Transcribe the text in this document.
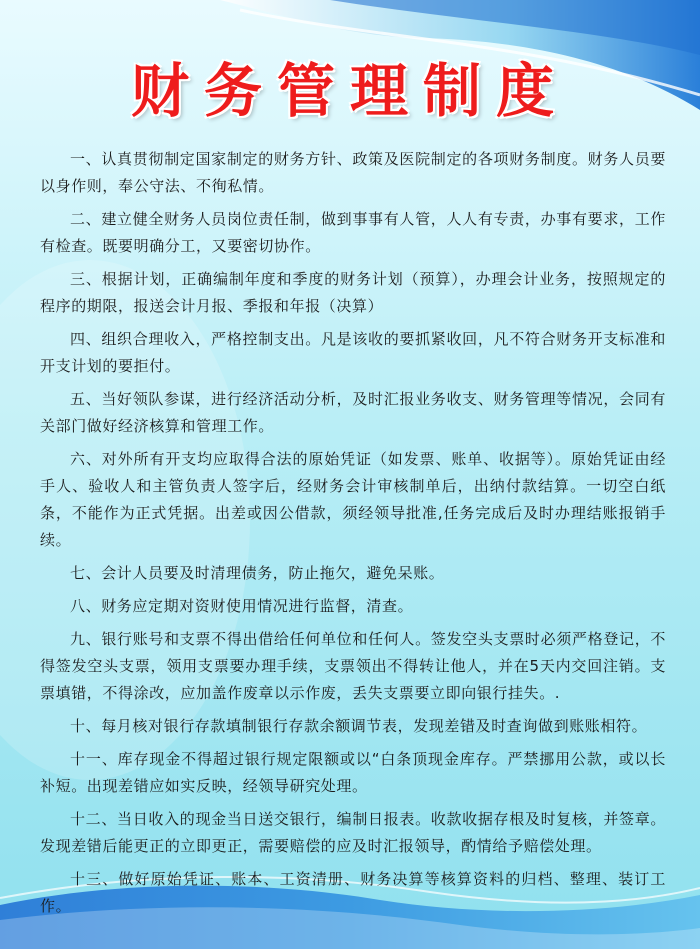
财务管理制度

一、认真贯彻制定国家制定的财务方针、政策及医院制定的各项财务制度。财务人员要以身作则，奉公守法、不徇私情。

二、建立健全财务人员岗位责任制，做到事事有人管，人人有专责，办事有要求，工作有检查。既要明确分工，又要密切协作。

三、根据计划，正确编制年度和季度的财务计划（预算），办理会计业务，按照规定的程序的期限，报送会计月报、季报和年报（决算）

四、组织合理收入，严格控制支出。凡是该收的要抓紧收回，凡不符合财务开支标准和开支计划的要拒付。

五、当好领队参谋，进行经济活动分析，及时汇报业务收支、财务管理等情况，会同有关部门做好经济核算和管理工作。

六、对外所有开支均应取得合法的原始凭证（如发票、账单、收据等）。原始凭证由经手人、验收人和主管负责人签字后，经财务会计审核制单后，出纳付款结算。一切空白纸条，不能作为正式凭据。出差或因公借款，须经领导批准,任务完成后及时办理结账报销手续。

七、会计人员要及时清理债务，防止拖欠，避免呆账。

八、财务应定期对资财使用情况进行监督，清查。

九、银行账号和支票不得出借给任何单位和任何人。签发空头支票时必须严格登记，不得签发空头支票，领用支票要办理手续，支票领出不得转让他人，并在5天内交回注销。支票填错，不得涂改，应加盖作废章以示作废，丢失支票要立即向银行挂失。.

十、每月核对银行存款填制银行存款余额调节表，发现差错及时查询做到账账相符。

十一、库存现金不得超过银行规定限额或以“白条顶现金库存。严禁挪用公款，或以长补短。出现差错应如实反映，经领导研究处理。

十二、当日收入的现金当日送交银行，编制日报表。收款收据存根及时复核，并签章。发现差错后能更正的立即更正，需要赔偿的应及时汇报领导，酌情给予赔偿处理。

十三、做好原始凭证、账本、工资清册、财务决算等核算资料的归档、整理、装订工作。
